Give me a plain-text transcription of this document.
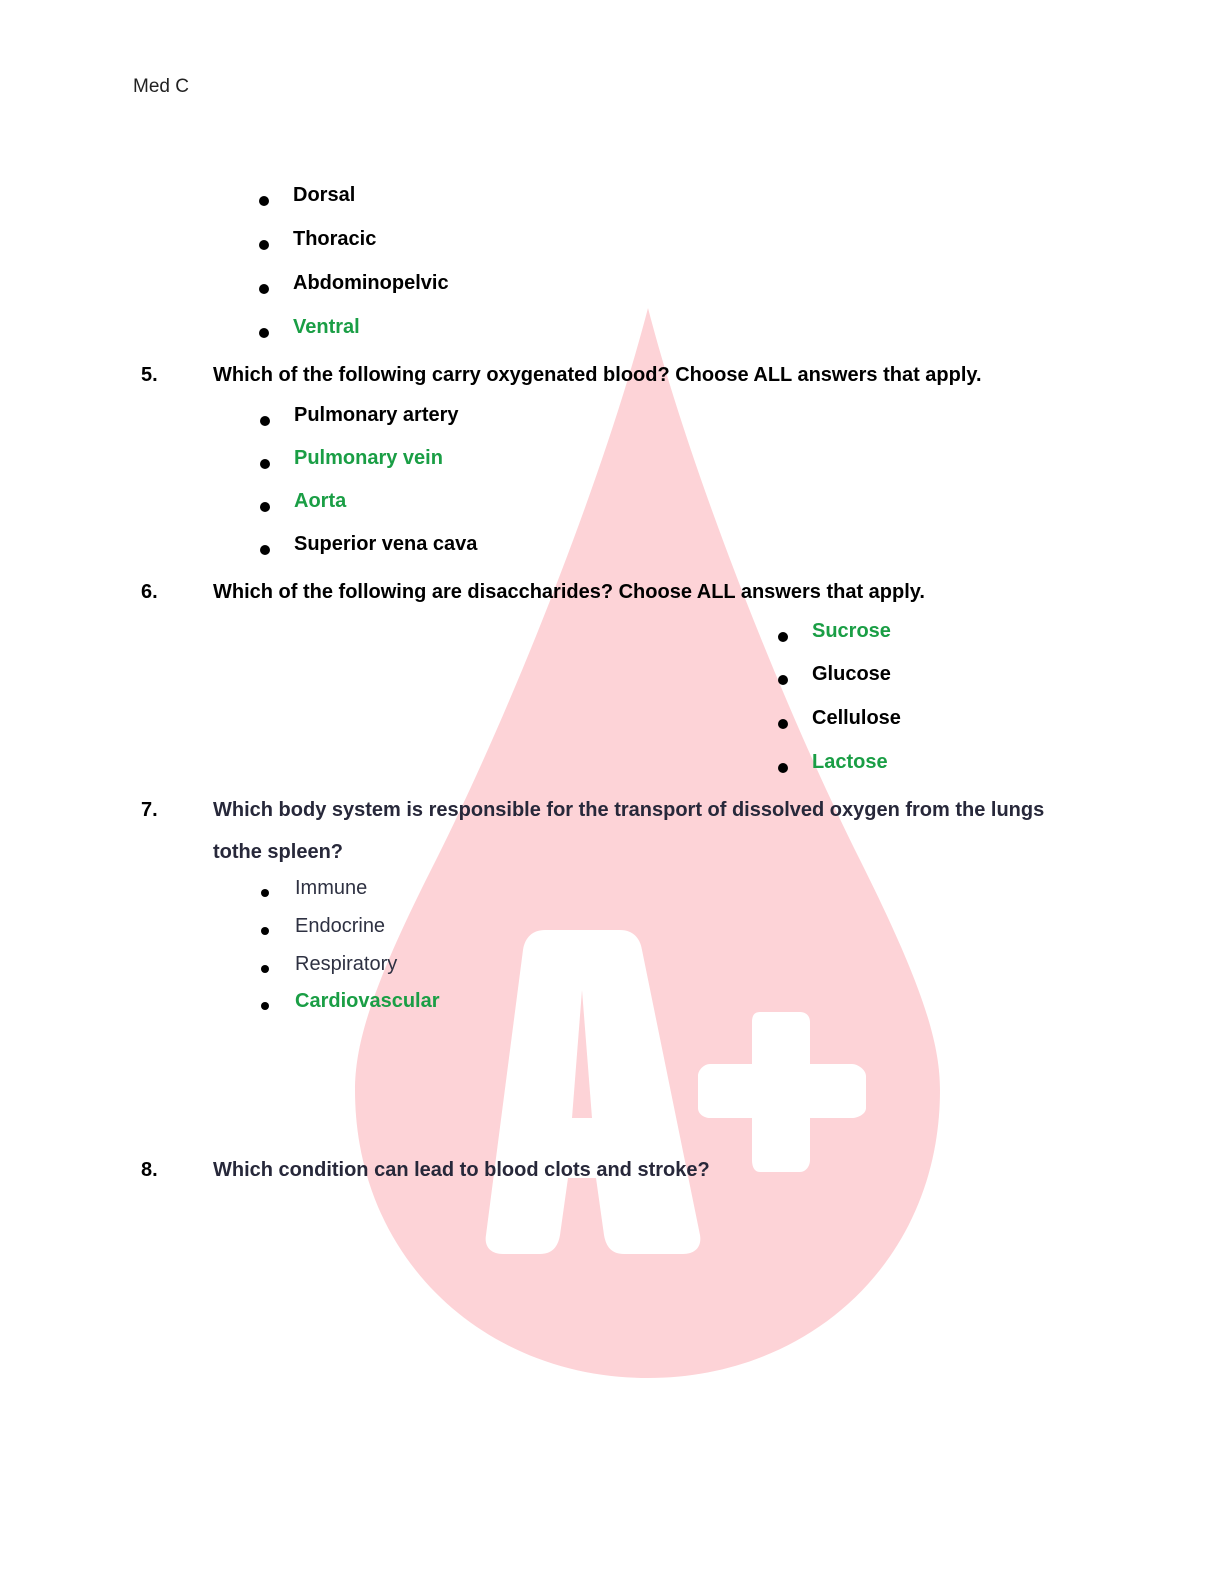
Med C
Dorsal
Thoracic
Abdominopelvic
Ventral
5.	Which of the following carry oxygenated blood? Choose ALL answers that apply.
Pulmonary artery
Pulmonary vein
Aorta
Superior vena cava
6.	Which of the following are disaccharides? Choose ALL answers that apply.
Sucrose
Glucose
Cellulose
Lactose
7.	Which body system is responsible for the transport of dissolved oxygen from the lungs
tothe spleen?
Immune
Endocrine
Respiratory
Cardiovascular
8.	Which condition can lead to blood clots and stroke?
